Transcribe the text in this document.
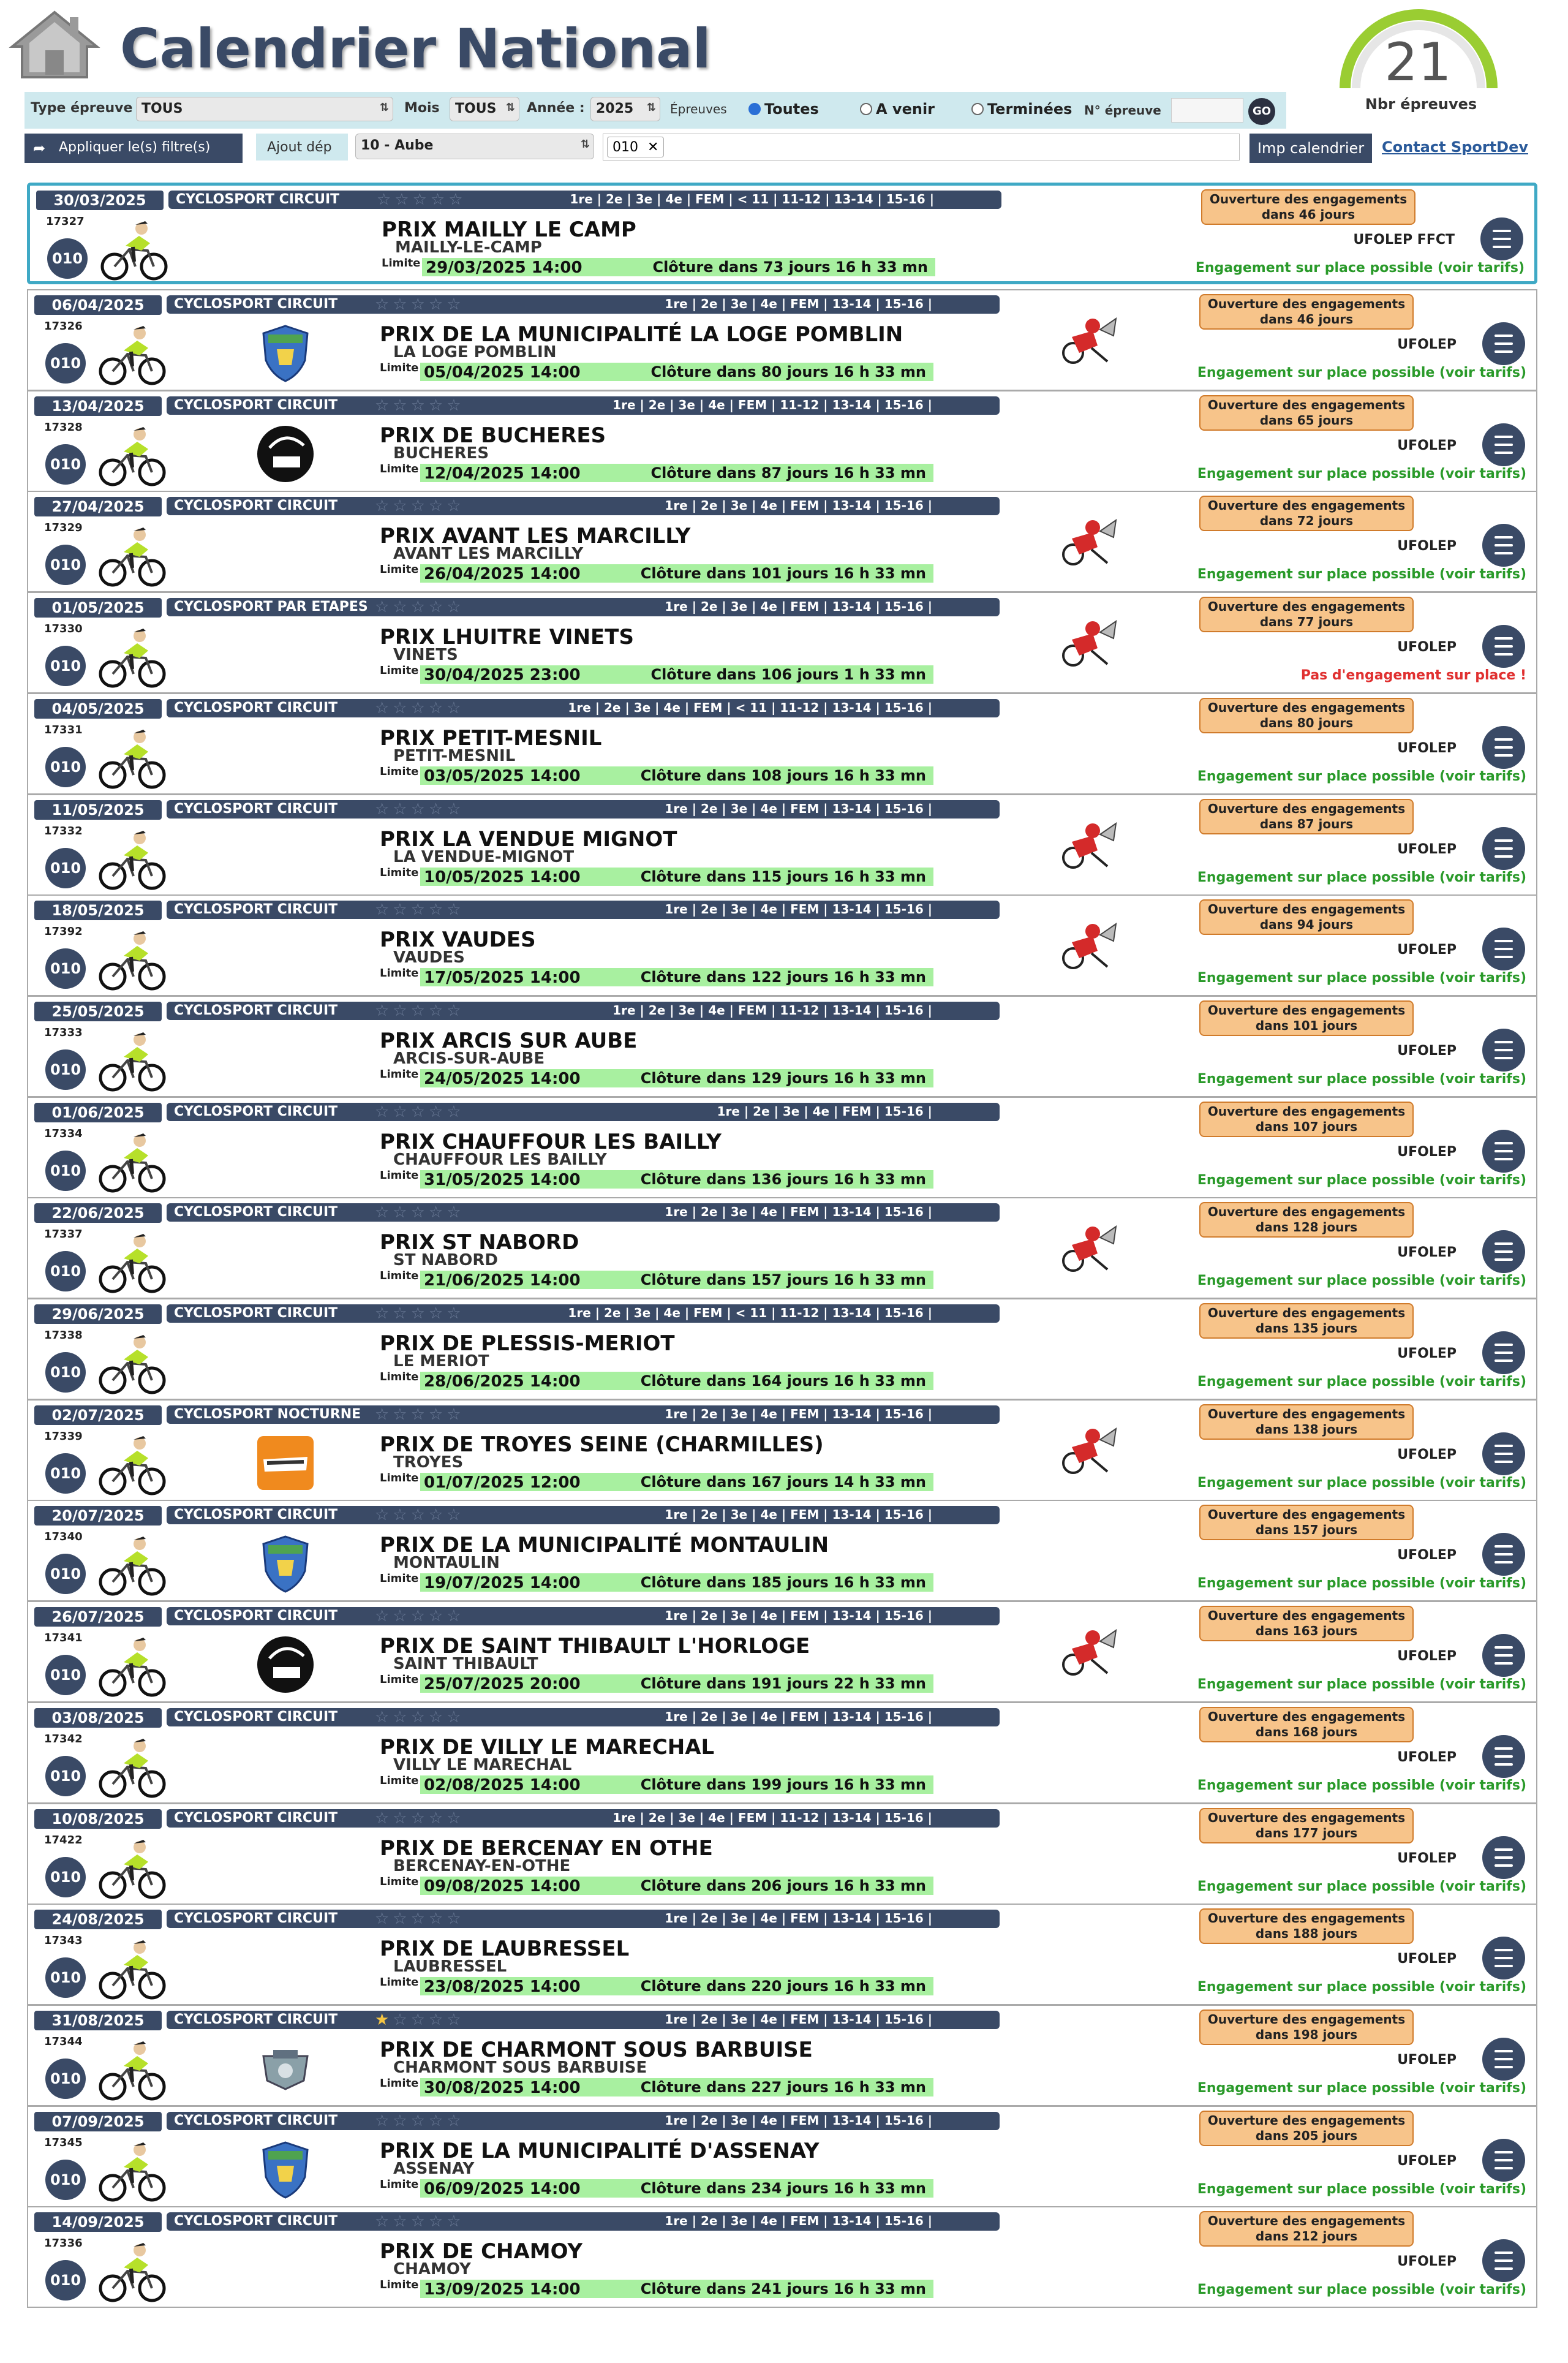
Calendrier National	21
Nbr épreuves
Type épreuve TOUS	⇅ Mois	TOUS ⇅ Année : 2025 ⇅ Épreuves	Toutes	A venir	Terminées N° épreuve	GO
➦ Appliquer le(s) filtre(s)	Ajout dép	10 - Aube	⇅	010 ✕	Imp calendrier	Contact SportDev
30/03/2025	CYCLOSPORT CIRCUIT ☆☆☆☆☆	1re | 2e | 3e | 4e | FEM | < 11 | 11-12 | 13-14 | 15-16 |
17327
010
PRIX MAILLY LE CAMP
MAILLY-LE-CAMP
Limite 29/03/2025 14:00	Clôture dans 73 jours 16 h 33 mn
Ouverture des engagements
dans 46 jours
UFOLEP FFCT
Engagement sur place possible (voir tarifs)
06/04/2025	CYCLOSPORT CIRCUIT ☆☆☆☆☆	1re | 2e | 3e | 4e | FEM | 13-14 | 15-16 |
17326
010
PRIX DE LA MUNICIPALITÉ LA LOGE POMBLIN
LA LOGE POMBLIN
Limite 05/04/2025 14:00	Clôture dans 80 jours 16 h 33 mn
Ouverture des engagements
dans 46 jours
UFOLEP
Engagement sur place possible (voir tarifs)
13/04/2025	CYCLOSPORT CIRCUIT ☆☆☆☆☆	1re | 2e | 3e | 4e | FEM | 11-12 | 13-14 | 15-16 |
17328
010
PRIX DE BUCHERES
BUCHERES
Limite 12/04/2025 14:00	Clôture dans 87 jours 16 h 33 mn
Ouverture des engagements
dans 65 jours
UFOLEP
Engagement sur place possible (voir tarifs)
27/04/2025	CYCLOSPORT CIRCUIT ☆☆☆☆☆	1re | 2e | 3e | 4e | FEM | 13-14 | 15-16 |
17329
010
PRIX AVANT LES MARCILLY
AVANT LES MARCILLY
Limite 26/04/2025 14:00	Clôture dans 101 jours 16 h 33 mn
Ouverture des engagements
dans 72 jours
UFOLEP
Engagement sur place possible (voir tarifs)
01/05/2025	CYCLOSPORT PAR ETAPES ☆☆☆☆☆	1re | 2e | 3e | 4e | FEM | 13-14 | 15-16 |
17330
010
PRIX LHUITRE VINETS
VINETS
Limite 30/04/2025 23:00	Clôture dans 106 jours 1 h 33 mn
Ouverture des engagements
dans 77 jours
UFOLEP
Pas d'engagement sur place !
04/05/2025	CYCLOSPORT CIRCUIT ☆☆☆☆☆	1re | 2e | 3e | 4e | FEM | < 11 | 11-12 | 13-14 | 15-16 |
17331
010
PRIX PETIT-MESNIL
PETIT-MESNIL
Limite 03/05/2025 14:00	Clôture dans 108 jours 16 h 33 mn
Ouverture des engagements
dans 80 jours
UFOLEP
Engagement sur place possible (voir tarifs)
11/05/2025	CYCLOSPORT CIRCUIT ☆☆☆☆☆	1re | 2e | 3e | 4e | FEM | 13-14 | 15-16 |
17332
010
PRIX LA VENDUE MIGNOT
LA VENDUE-MIGNOT
Limite 10/05/2025 14:00	Clôture dans 115 jours 16 h 33 mn
Ouverture des engagements
dans 87 jours
UFOLEP
Engagement sur place possible (voir tarifs)
18/05/2025	CYCLOSPORT CIRCUIT ☆☆☆☆☆	1re | 2e | 3e | 4e | FEM | 13-14 | 15-16 |
17392
010
PRIX VAUDES
VAUDES
Limite 17/05/2025 14:00	Clôture dans 122 jours 16 h 33 mn
Ouverture des engagements
dans 94 jours
UFOLEP
Engagement sur place possible (voir tarifs)
25/05/2025	CYCLOSPORT CIRCUIT ☆☆☆☆☆	1re | 2e | 3e | 4e | FEM | 11-12 | 13-14 | 15-16 |
17333
010
PRIX ARCIS SUR AUBE
ARCIS-SUR-AUBE
Limite 24/05/2025 14:00	Clôture dans 129 jours 16 h 33 mn
Ouverture des engagements
dans 101 jours
UFOLEP
Engagement sur place possible (voir tarifs)
01/06/2025	CYCLOSPORT CIRCUIT ☆☆☆☆☆	1re | 2e | 3e | 4e | FEM | 15-16 |
17334
010
PRIX CHAUFFOUR LES BAILLY
CHAUFFOUR LES BAILLY
Limite 31/05/2025 14:00	Clôture dans 136 jours 16 h 33 mn
Ouverture des engagements
dans 107 jours
UFOLEP
Engagement sur place possible (voir tarifs)
22/06/2025	CYCLOSPORT CIRCUIT ☆☆☆☆☆	1re | 2e | 3e | 4e | FEM | 13-14 | 15-16 |
17337
010
PRIX ST NABORD
ST NABORD
Limite 21/06/2025 14:00	Clôture dans 157 jours 16 h 33 mn
Ouverture des engagements
dans 128 jours
UFOLEP
Engagement sur place possible (voir tarifs)
29/06/2025	CYCLOSPORT CIRCUIT ☆☆☆☆☆	1re | 2e | 3e | 4e | FEM | < 11 | 11-12 | 13-14 | 15-16 |
17338
010
PRIX DE PLESSIS-MERIOT
LE MERIOT
Limite 28/06/2025 14:00	Clôture dans 164 jours 16 h 33 mn
Ouverture des engagements
dans 135 jours
UFOLEP
Engagement sur place possible (voir tarifs)
02/07/2025	CYCLOSPORT NOCTURNE ☆☆☆☆☆	1re | 2e | 3e | 4e | FEM | 13-14 | 15-16 |
17339
010
PRIX DE TROYES SEINE (CHARMILLES)
TROYES
Limite 01/07/2025 12:00	Clôture dans 167 jours 14 h 33 mn
Ouverture des engagements
dans 138 jours
UFOLEP
Engagement sur place possible (voir tarifs)
20/07/2025	CYCLOSPORT CIRCUIT ☆☆☆☆☆	1re | 2e | 3e | 4e | FEM | 13-14 | 15-16 |
17340
010
PRIX DE LA MUNICIPALITÉ MONTAULIN
MONTAULIN
Limite 19/07/2025 14:00	Clôture dans 185 jours 16 h 33 mn
Ouverture des engagements
dans 157 jours
UFOLEP
Engagement sur place possible (voir tarifs)
26/07/2025	CYCLOSPORT CIRCUIT ☆☆☆☆☆	1re | 2e | 3e | 4e | FEM | 13-14 | 15-16 |
17341
010
PRIX DE SAINT THIBAULT L'HORLOGE
SAINT THIBAULT
Limite 25/07/2025 20:00	Clôture dans 191 jours 22 h 33 mn
Ouverture des engagements
dans 163 jours
UFOLEP
Engagement sur place possible (voir tarifs)
03/08/2025	CYCLOSPORT CIRCUIT ☆☆☆☆☆	1re | 2e | 3e | 4e | FEM | 13-14 | 15-16 |
17342
010
PRIX DE VILLY LE MARECHAL
VILLY LE MARECHAL
Limite 02/08/2025 14:00	Clôture dans 199 jours 16 h 33 mn
Ouverture des engagements
dans 168 jours
UFOLEP
Engagement sur place possible (voir tarifs)
10/08/2025	CYCLOSPORT CIRCUIT ☆☆☆☆☆	1re | 2e | 3e | 4e | FEM | 11-12 | 13-14 | 15-16 |
17422
010
PRIX DE BERCENAY EN OTHE
BERCENAY-EN-OTHE
Limite 09/08/2025 14:00	Clôture dans 206 jours 16 h 33 mn
Ouverture des engagements
dans 177 jours
UFOLEP
Engagement sur place possible (voir tarifs)
24/08/2025	CYCLOSPORT CIRCUIT ☆☆☆☆☆	1re | 2e | 3e | 4e | FEM | 13-14 | 15-16 |
17343
010
PRIX DE LAUBRESSEL
LAUBRESSEL
Limite 23/08/2025 14:00	Clôture dans 220 jours 16 h 33 mn
Ouverture des engagements
dans 188 jours
UFOLEP
Engagement sur place possible (voir tarifs)
31/08/2025	CYCLOSPORT CIRCUIT ★☆☆☆☆	1re | 2e | 3e | 4e | FEM | 13-14 | 15-16 |
17344
010
PRIX DE CHARMONT SOUS BARBUISE
CHARMONT SOUS BARBUISE
Limite 30/08/2025 14:00	Clôture dans 227 jours 16 h 33 mn
Ouverture des engagements
dans 198 jours
UFOLEP
Engagement sur place possible (voir tarifs)
07/09/2025	CYCLOSPORT CIRCUIT ☆☆☆☆☆	1re | 2e | 3e | 4e | FEM | 13-14 | 15-16 |
17345
010
PRIX DE LA MUNICIPALITÉ D'ASSENAY
ASSENAY
Limite 06/09/2025 14:00	Clôture dans 234 jours 16 h 33 mn
Ouverture des engagements
dans 205 jours
UFOLEP
Engagement sur place possible (voir tarifs)
14/09/2025	CYCLOSPORT CIRCUIT ☆☆☆☆☆	1re | 2e | 3e | 4e | FEM | 13-14 | 15-16 |
17336
010
PRIX DE CHAMOY
CHAMOY
Limite 13/09/2025 14:00	Clôture dans 241 jours 16 h 33 mn
Ouverture des engagements
dans 212 jours
UFOLEP
Engagement sur place possible (voir tarifs)
